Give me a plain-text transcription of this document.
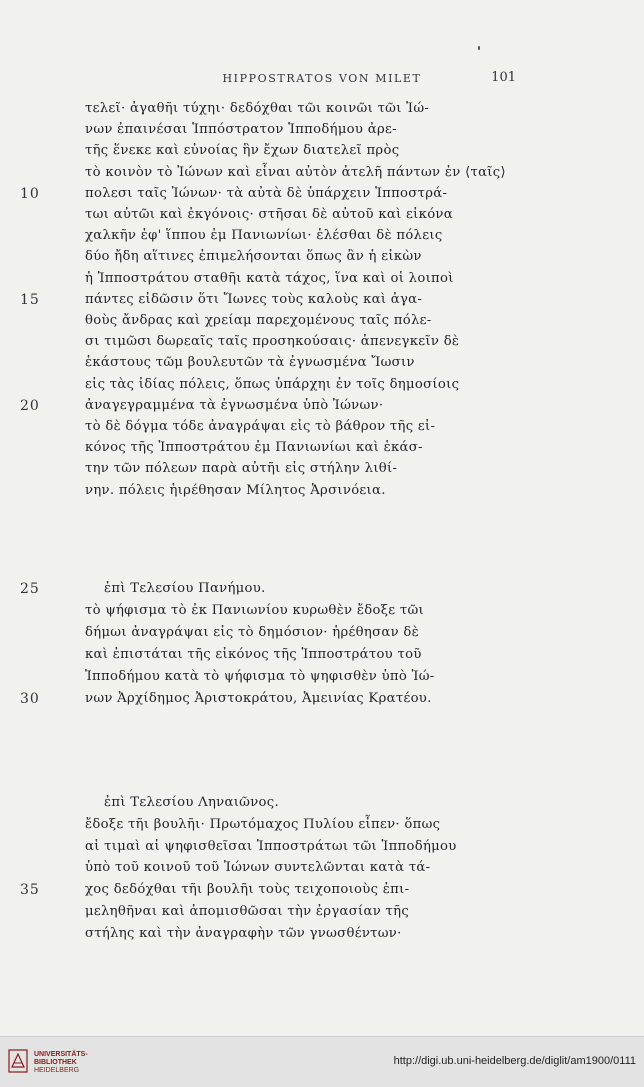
HIPPOSTRATOS VON MILET	101
τελεῖ· ἀγαθῆι τύχηι· δεδόχθαι τῶι κοινῶι τῶι Ἰώ-
νων ἐπαινέσαι Ἱππόστρατον Ἱππoδήμου ἀρε-
τῆς ἕνεκε καὶ εὐνοίας ἣν ἔχων διατελεῖ πρὸς
τὸ κοινὸν τὸ Ἰώνων καὶ εἶναι αὐτὸν ἀτελῆ πάντων ἐν ⟨ταῖς⟩
πολεσι ταῖς Ἰώνων· τὰ αὐτὰ δὲ ὑπάρχειν Ἱπποστρά-
10
τωι αὐτῶι καὶ ἐκγόνοις· στῆσαι δὲ αὐτοῦ καὶ εἰκόνα
χαλκῆν ἐφ' ἵππου ἐμ Πανιωνίωι· ἑλέσθαι δὲ πόλεις
δύο ἤδη αἵτινες ἐπιμελήσονται ὅπως ἂν ἡ εἰκὼν
ἡ Ἱπποστράτου σταθῆι κατὰ τάχος, ἵνα καὶ οἱ λοιποὶ
πάντες εἰδῶσιν ὅτι Ἴωνες τοὺς καλοὺς καὶ ἀγα-
15
θοὺς ἄνδρας καὶ χρείαμ παρεχομένους ταῖς πόλε-
σι τιμῶσι δωρεαῖς ταῖς προσηκούσαις· ἀπενεγκεῖν δὲ
ἑκάστους τῶμ βουλευτῶν τὰ ἐγνωσμένα Ἴωσιν
εἰς τὰς ἰδίας πόλεις, ὅπως ὑπάρχηι ἐν τοῖς δημοσίοις
ἀναγεγραμμένα τὰ ἐγνωσμένα ὑπὸ Ἰώνων·
20
τὸ δὲ δόγμα τόδε ἀναγράψαι εἰς τὸ βάθρον τῆς εἰ-
κόνος τῆς Ἱπποστράτου ἐμ Πανιωνίωι καὶ ἑκάσ-
την τῶν πόλεων παρὰ αὐτῆι εἰς στήλην λιθί-
νην. πόλεις ἡιρέθησαν Μίλητος Ἀρσινόεια.
ἐπὶ Τελεσίου Πανήμου.
25
τὸ ψήφισμα τὸ ἐκ Πανιωνίου κυρωθὲν ἔδοξε τῶι
δήμωι ἀναγράψαι εἰς τὸ δημόσιον· ἡρέθησαν δὲ
καὶ ἐπιστάται τῆς εἰκόνος τῆς Ἱπποστράτου τοῦ
Ἱπποδήμου κατὰ τὸ ψήφισμα τὸ ψηφισθὲν ὑπὸ Ἰώ-
νων Ἀρχίδημος Ἀριστοκράτου, Ἀμεινίας Κρατέου.
30
ἐπὶ Τελεσίου Ληναιῶνος.
ἔδοξε τῆι βουλῆι· Πρωτόμαχος Πυλίου εἶπεν· ὅπως
αἱ τιμαὶ αἱ ψηφισθεῖσαι Ἱπποστράτωι τῶι Ἱπποδήμου
ὑπὸ τοῦ κοινοῦ τοῦ Ἰώνων συντελῶνται κατὰ τά-
χος δεδόχθαι τῆι βουλῆι τοὺς τειχοποιοὺς ἐπι-
35
μεληθῆναι καὶ ἀπομισθῶσαι τὴν ἐργασίαν τῆς
στήλης καὶ τὴν ἀναγραφὴν τῶν γνωσθέντων·
UNIVERSITÄTS-
BIBLIOTHEK
HEIDELBERG
http://digi.ub.uni-heidelberg.de/diglit/am1900/0111
